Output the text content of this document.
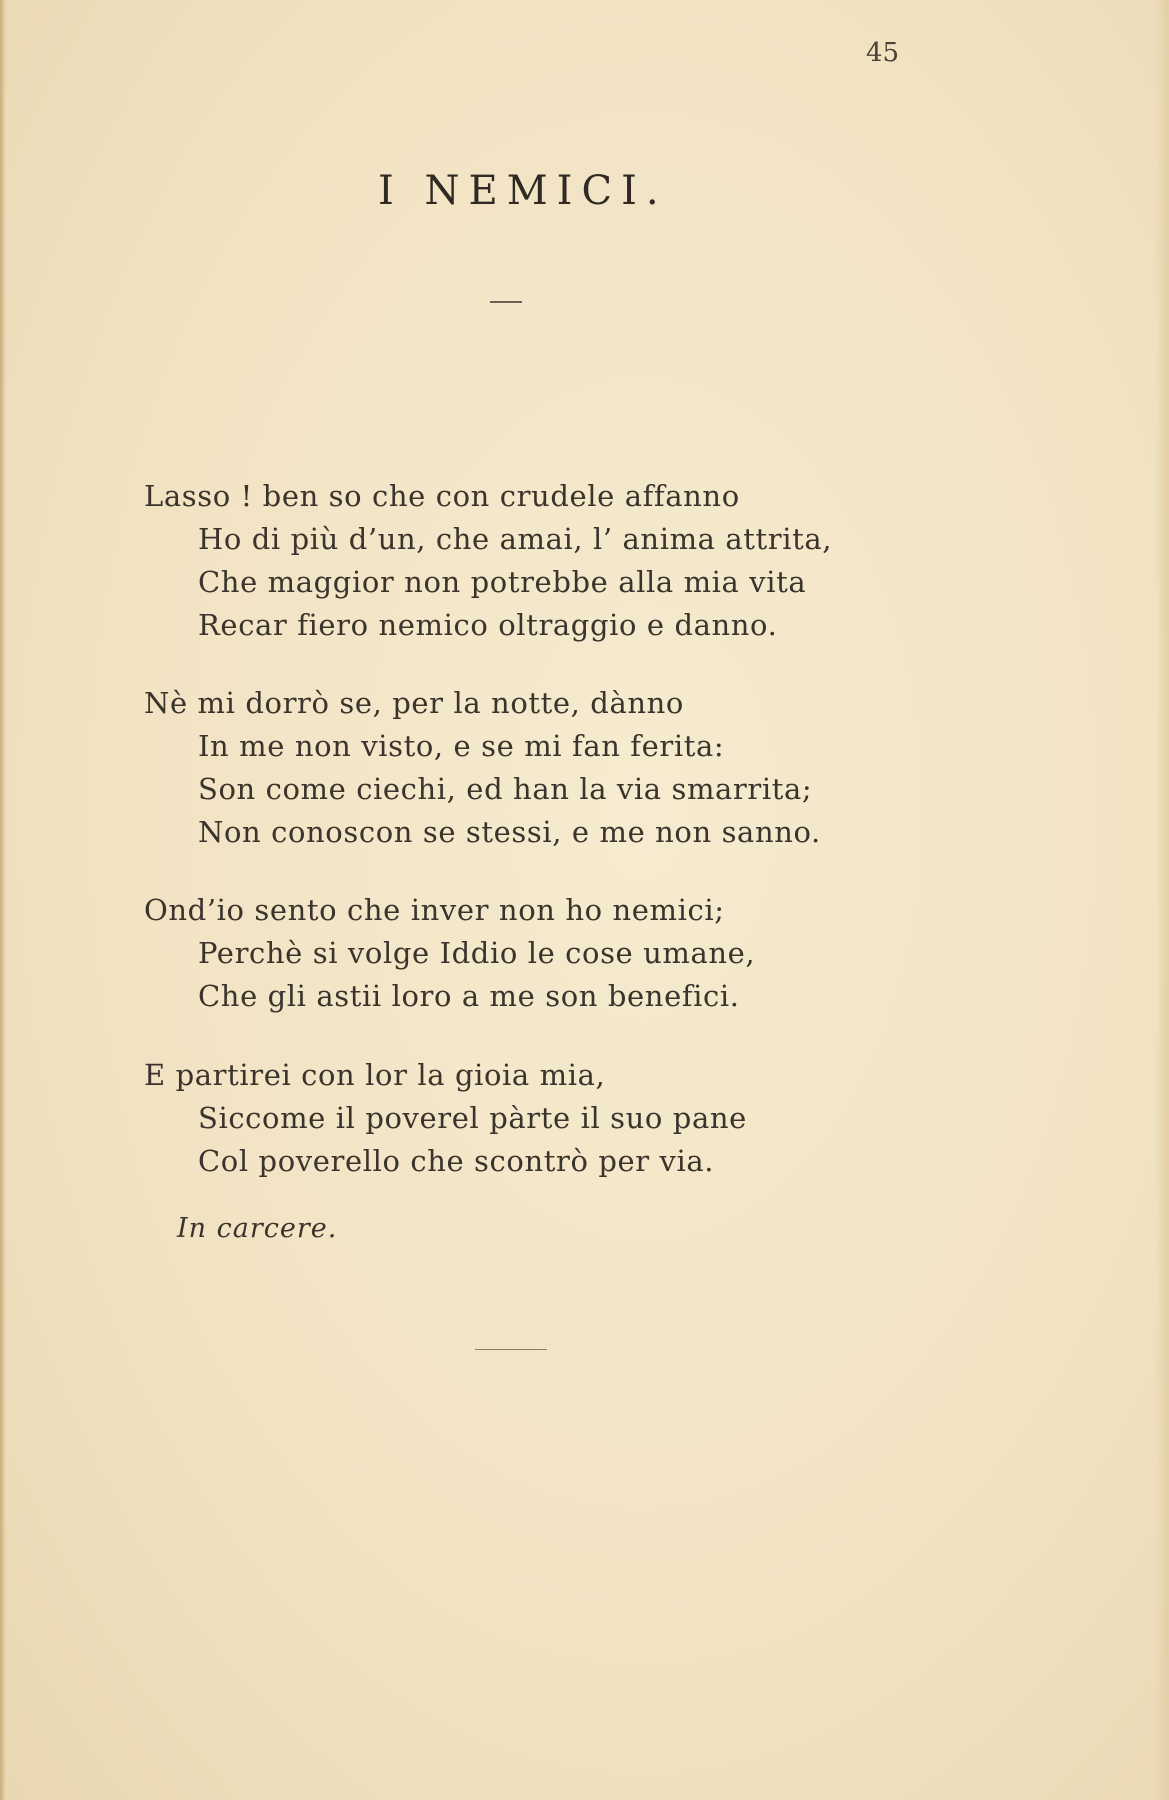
45
I NEMICI.
Lasso ! ben so che con crudele affanno
Ho di più d’un, che amai, l’ anima attrita,
Che maggior non potrebbe alla mia vita
Recar fiero nemico oltraggio e danno.
Nè mi dorrò se, per la notte, dànno
In me non visto, e se mi fan ferita:
Son come ciechi, ed han la via smarrita;
Non conoscon se stessi, e me non sanno.
Ond’io sento che inver non ho nemici;
Perchè si volge Iddio le cose umane,
Che gli astii loro a me son benefici.
E partirei con lor la gioia mia,
Siccome il poverel pàrte il suo pane
Col poverello che scontrò per via.
In carcere.
